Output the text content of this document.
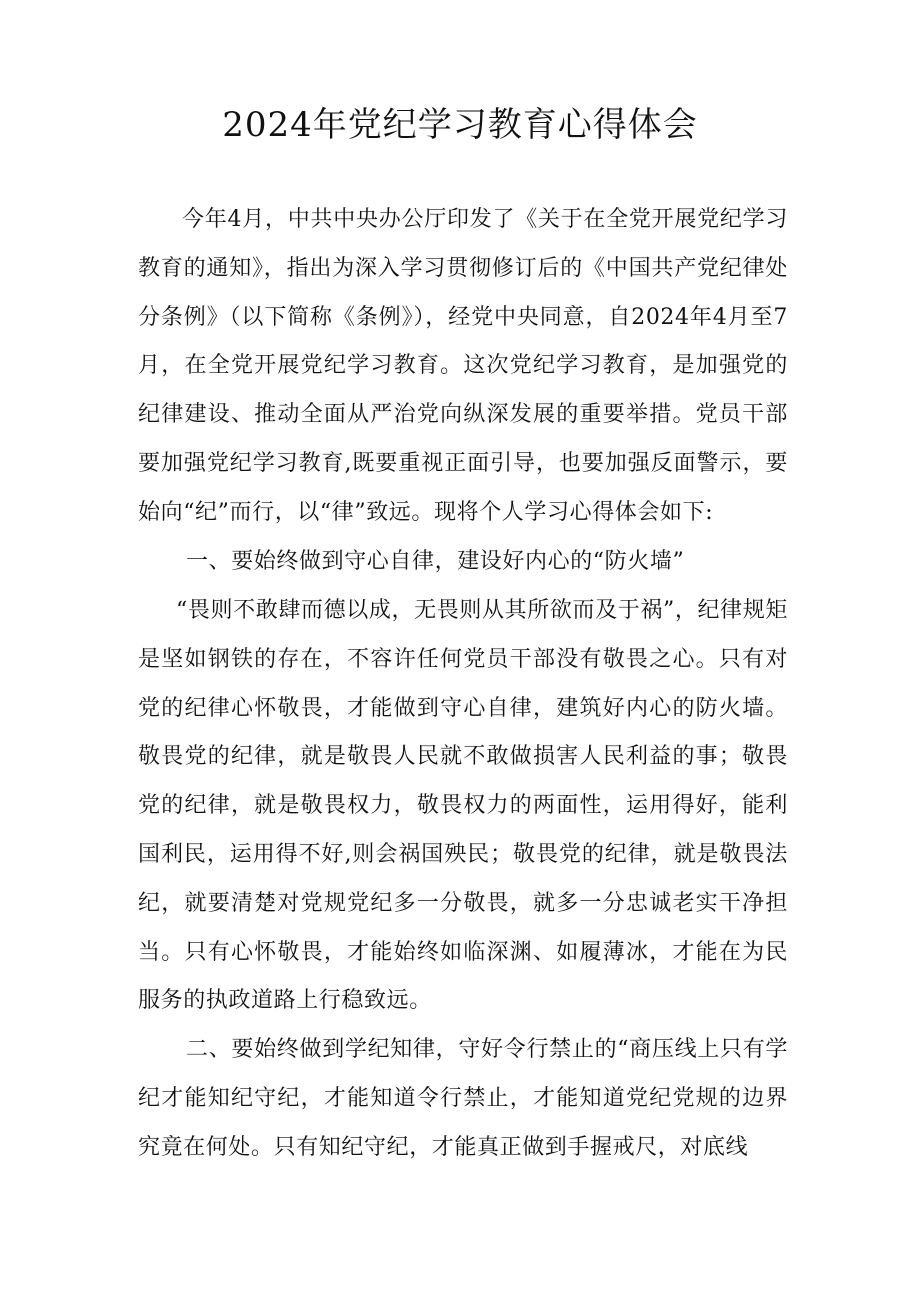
2024年党纪学习教育心得体会

今年4月，中共中央办公厅印发了《关于在全党开展党纪学习教育的通知》，指出为深入学习贯彻修订后的《中国共产党纪律处分条例》（以下简称《条例》），经党中央同意，自2024年4月至7月，在全党开展党纪学习教育。这次党纪学习教育，是加强党的纪律建设、推动全面从严治党向纵深发展的重要举措。党员干部要加强党纪学习教育,既要重视正面引导，也要加强反面警示，要始向“纪”而行，以“律”致远。现将个人学习心得体会如下:

一、要始终做到守心自律，建设好内心的“防火墙”

“畏则不敢肆而德以成，无畏则从其所欲而及于祸”，纪律规矩是坚如钢铁的存在，不容许任何党员干部没有敬畏之心。只有对党的纪律心怀敬畏，才能做到守心自律，建筑好内心的防火墙。敬畏党的纪律，就是敬畏人民就不敢做损害人民利益的事；敬畏党的纪律，就是敬畏权力，敬畏权力的两面性，运用得好，能利国利民，运用得不好,则会祸国殃民；敬畏党的纪律，就是敬畏法纪，就要清楚对党规党纪多一分敬畏，就多一分忠诚老实干净担当。只有心怀敬畏，才能始终如临深渊、如履薄冰，才能在为民服务的执政道路上行稳致远。

二、要始终做到学纪知律，守好令行禁止的“商压线上只有学纪才能知纪守纪，才能知道令行禁止，才能知道党纪党规的边界究竟在何处。只有知纪守纪，才能真正做到手握戒尺，对底线
